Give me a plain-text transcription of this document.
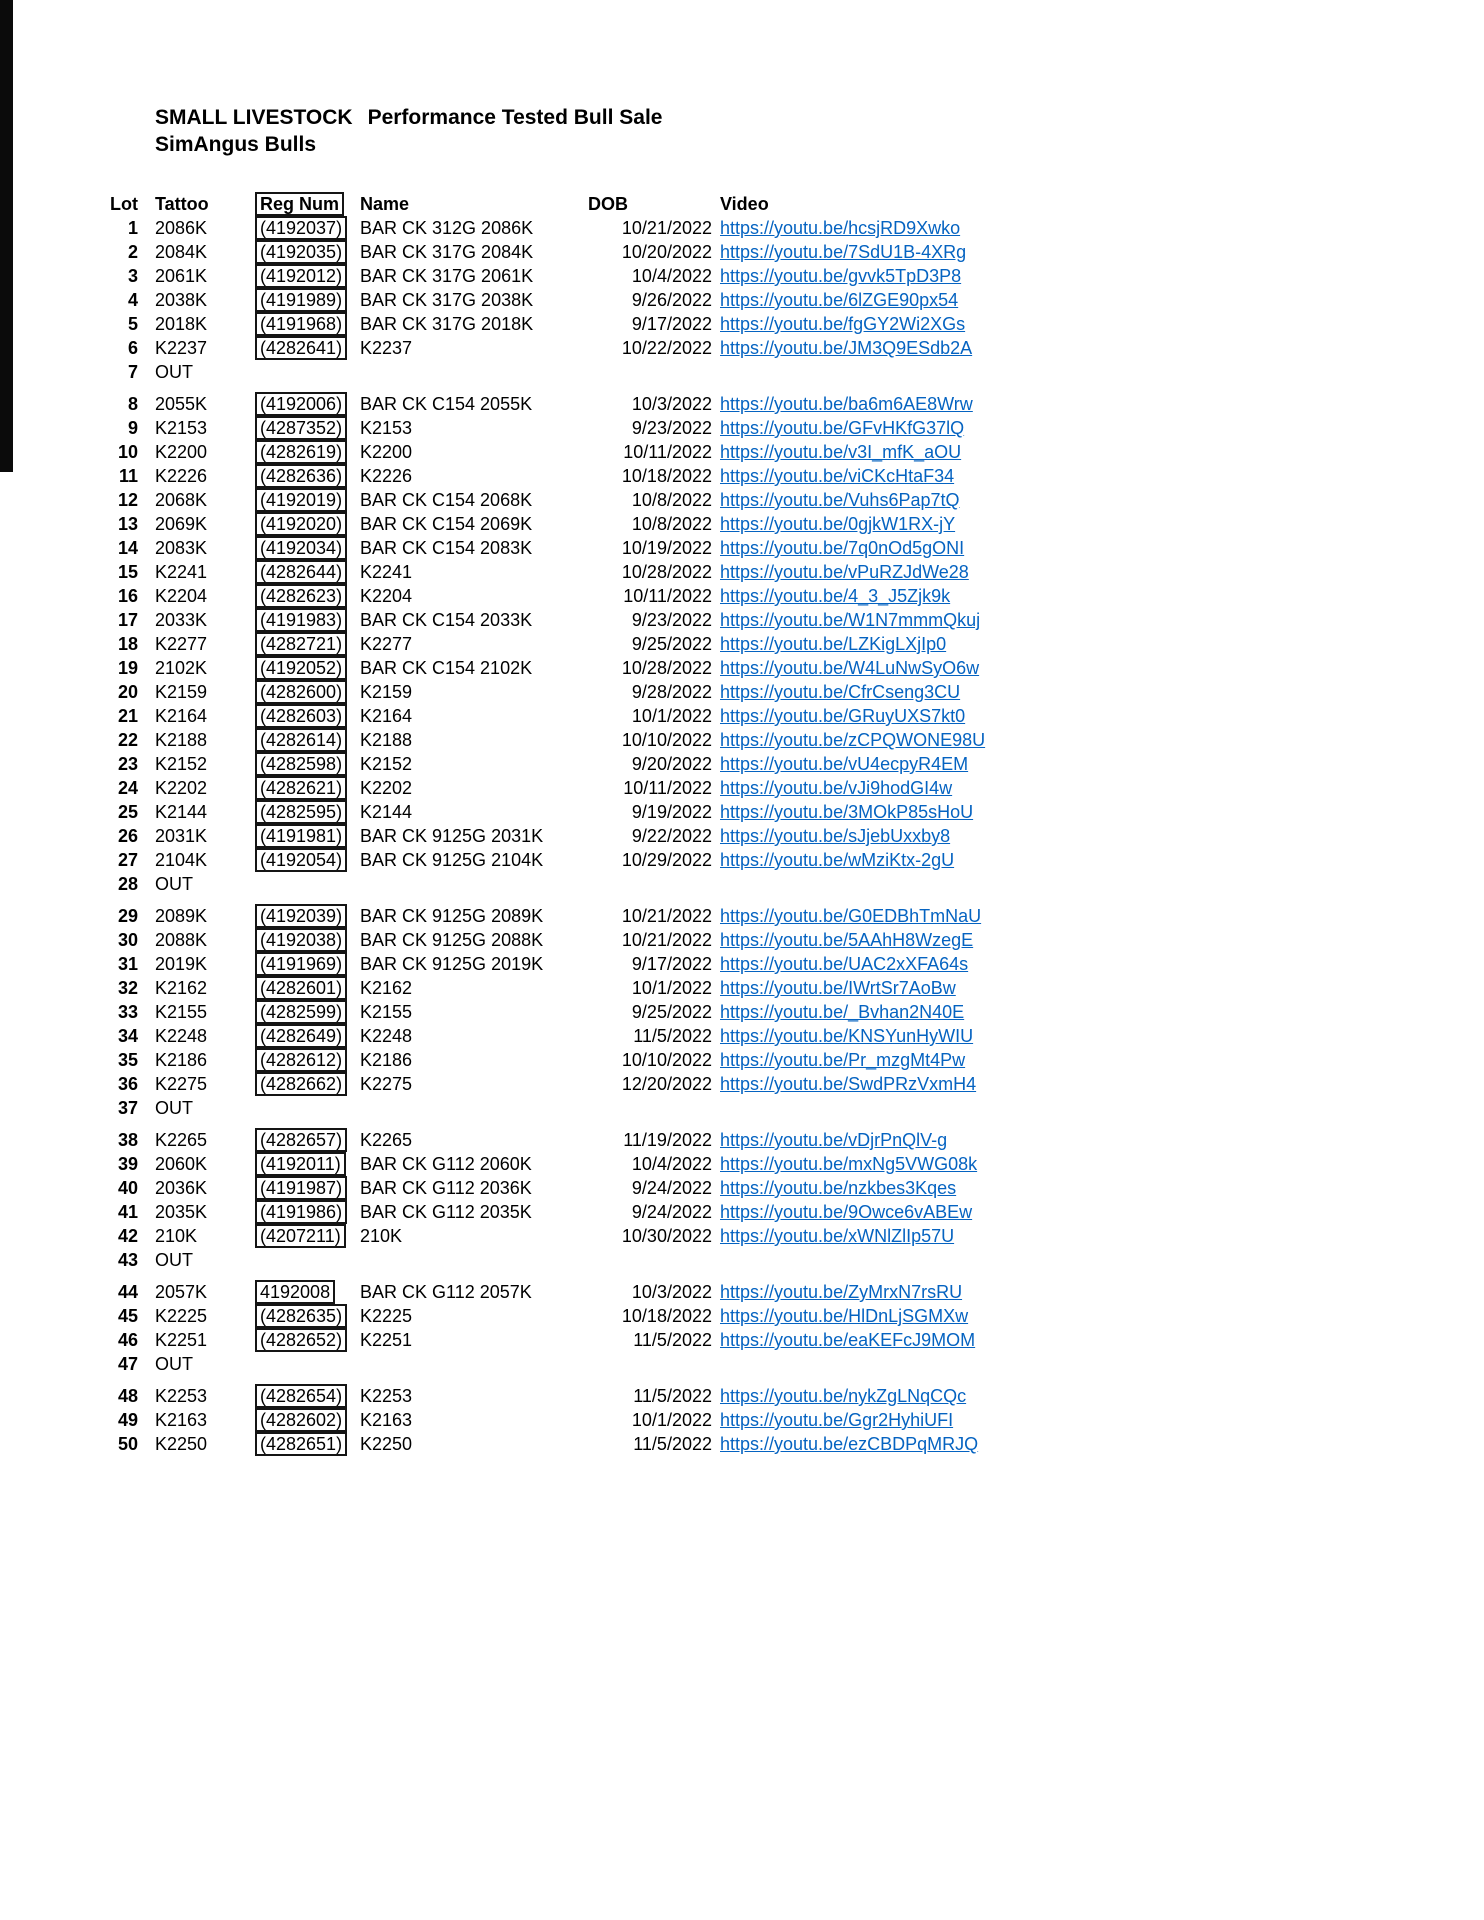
SMALL LIVESTOCK Performance Tested Bull Sale
SimAngus Bulls
Lot Tattoo	Reg Num	Name	DOB	Video
1 2086K	(4192037) BAR CK 312G 2086K	10/21/2022 https://youtu.be/hcsjRD9Xwko
2 2084K	(4192035) BAR CK 317G 2084K	10/20/2022 https://youtu.be/7SdU1B-4XRg
3 2061K	(4192012) BAR CK 317G 2061K	10/4/2022 https://youtu.be/gvvk5TpD3P8
4 2038K	(4191989) BAR CK 317G 2038K	9/26/2022 https://youtu.be/6lZGE90px54
5 2018K	(4191968) BAR CK 317G 2018K	9/17/2022 https://youtu.be/fgGY2Wi2XGs
6 K2237	(4282641) K2237	10/22/2022 https://youtu.be/JM3Q9ESdb2A
7 OUT
8 2055K	(4192006) BAR CK C154 2055K	10/3/2022 https://youtu.be/ba6m6AE8Wrw
9 K2153	(4287352) K2153	9/23/2022 https://youtu.be/GFvHKfG37lQ
10 K2200	(4282619) K2200	10/11/2022 https://youtu.be/v3I_mfK_aOU
11 K2226	(4282636) K2226	10/18/2022 https://youtu.be/viCKcHtaF34
12 2068K	(4192019) BAR CK C154 2068K	10/8/2022 https://youtu.be/Vuhs6Pap7tQ
13 2069K	(4192020) BAR CK C154 2069K	10/8/2022 https://youtu.be/0gjkW1RX-jY
14 2083K	(4192034) BAR CK C154 2083K	10/19/2022 https://youtu.be/7q0nOd5gONI
15 K2241	(4282644) K2241	10/28/2022 https://youtu.be/vPuRZJdWe28
16 K2204	(4282623) K2204	10/11/2022 https://youtu.be/4_3_J5Zjk9k
17 2033K	(4191983) BAR CK C154 2033K	9/23/2022 https://youtu.be/W1N7mmmQkuj
18 K2277	(4282721) K2277	9/25/2022 https://youtu.be/LZKigLXjIp0
19 2102K	(4192052) BAR CK C154 2102K	10/28/2022 https://youtu.be/W4LuNwSyO6w
20 K2159	(4282600) K2159	9/28/2022 https://youtu.be/CfrCseng3CU
21 K2164	(4282603) K2164	10/1/2022 https://youtu.be/GRuyUXS7kt0
22 K2188	(4282614) K2188	10/10/2022 https://youtu.be/zCPQWONE98U
23 K2152	(4282598) K2152	9/20/2022 https://youtu.be/vU4ecpyR4EM
24 K2202	(4282621) K2202	10/11/2022 https://youtu.be/vJi9hodGI4w
25 K2144	(4282595) K2144	9/19/2022 https://youtu.be/3MOkP85sHoU
26 2031K	(4191981) BAR CK 9125G 2031K	9/22/2022 https://youtu.be/sJjebUxxby8
27 2104K	(4192054) BAR CK 9125G 2104K	10/29/2022 https://youtu.be/wMziKtx-2gU
28 OUT
29 2089K	(4192039) BAR CK 9125G 2089K	10/21/2022 https://youtu.be/G0EDBhTmNaU
30 2088K	(4192038) BAR CK 9125G 2088K	10/21/2022 https://youtu.be/5AAhH8WzegE
31 2019K	(4191969) BAR CK 9125G 2019K	9/17/2022 https://youtu.be/UAC2xXFA64s
32 K2162	(4282601) K2162	10/1/2022 https://youtu.be/IWrtSr7AoBw
33 K2155	(4282599) K2155	9/25/2022 https://youtu.be/_Bvhan2N40E
34 K2248	(4282649) K2248	11/5/2022 https://youtu.be/KNSYunHyWIU
35 K2186	(4282612) K2186	10/10/2022 https://youtu.be/Pr_mzgMt4Pw
36 K2275	(4282662) K2275	12/20/2022 https://youtu.be/SwdPRzVxmH4
37 OUT
38 K2265	(4282657) K2265	11/19/2022 https://youtu.be/vDjrPnQlV-g
39 2060K	(4192011)	BAR CK G112 2060K	10/4/2022 https://youtu.be/mxNg5VWG08k
40 2036K	(4191987) BAR CK G112 2036K	9/24/2022 https://youtu.be/nzkbes3Kqes
41 2035K	(4191986) BAR CK G112 2035K	9/24/2022 https://youtu.be/9Owce6vABEw
42 210K	(4207211)	210K	10/30/2022 https://youtu.be/xWNlZlIp57U
43 OUT
44 2057K	4192008	BAR CK G112 2057K	10/3/2022 https://youtu.be/ZyMrxN7rsRU
45 K2225	(4282635) K2225	10/18/2022 https://youtu.be/HlDnLjSGMXw
46 K2251	(4282652) K2251	11/5/2022 https://youtu.be/eaKEFcJ9MOM
47 OUT
48 K2253	(4282654) K2253	11/5/2022 https://youtu.be/nykZgLNqCQc
49 K2163	(4282602) K2163	10/1/2022 https://youtu.be/Ggr2HyhiUFI
50 K2250	(4282651) K2250	11/5/2022 https://youtu.be/ezCBDPqMRJQ
